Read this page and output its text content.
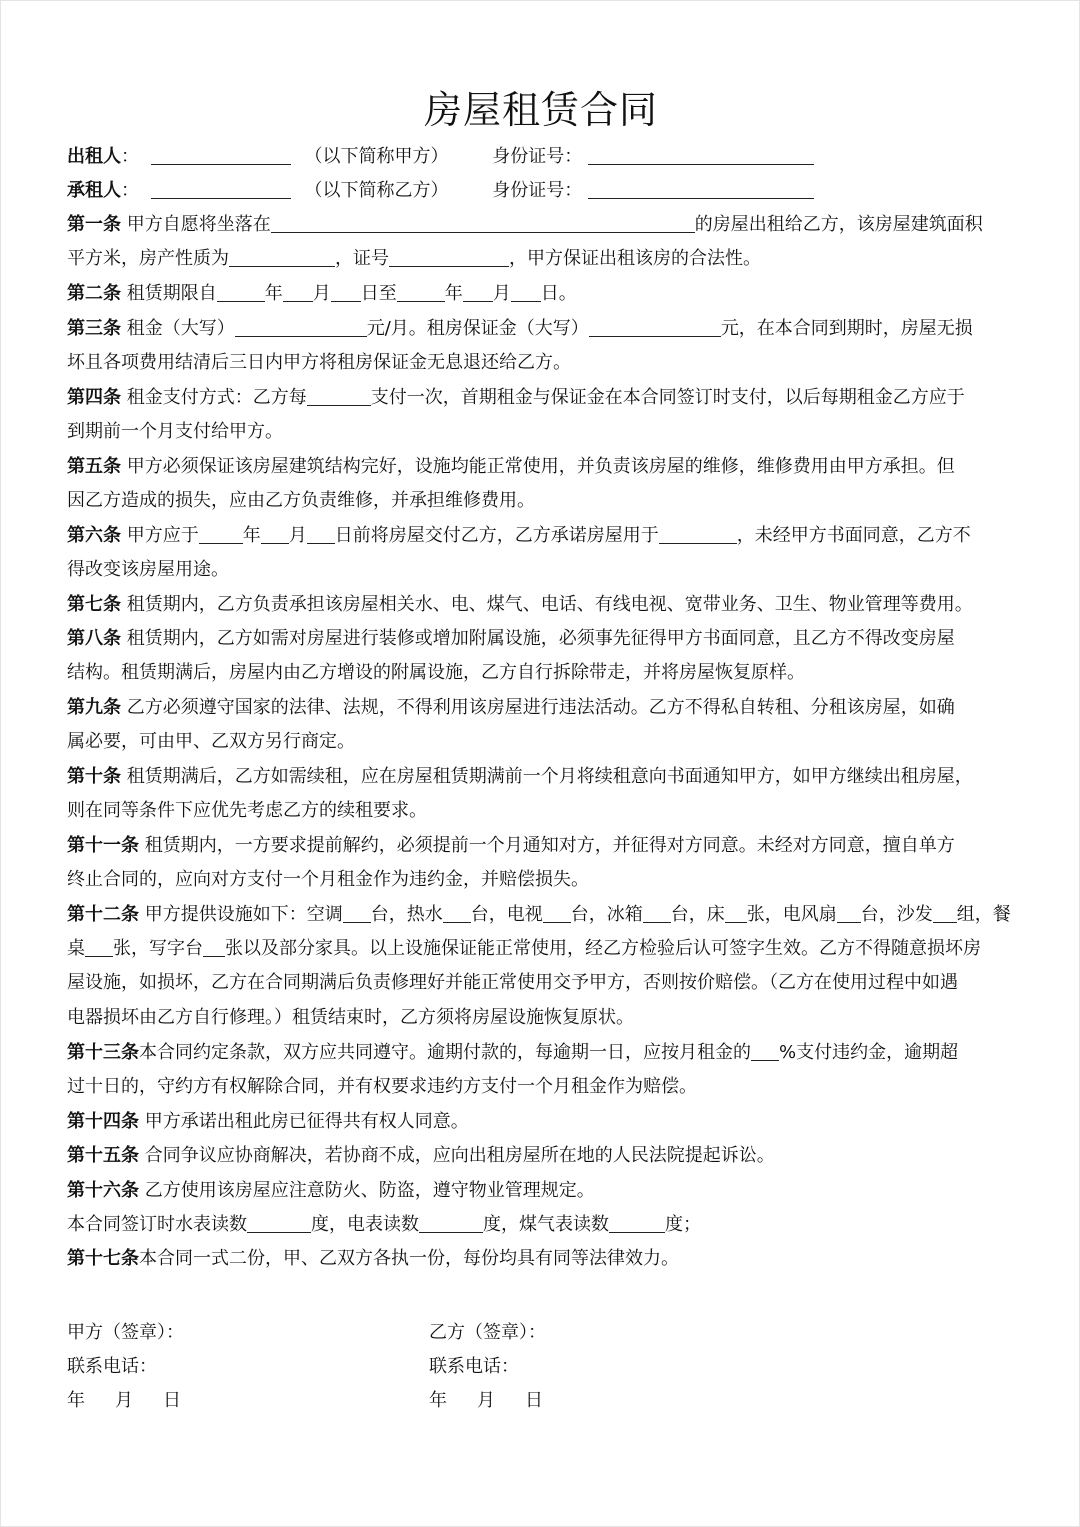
房屋租赁合同
出租人：	（以下简称甲方） 身份证号：
承租人：	（以下简称乙方） 身份证号：
第一条 甲方自愿将坐落在	的房屋出租给乙方，该房屋建筑面积
平方米，房产性质为	，证号	，甲方保证出租该房的合法性。
第二条 租赁期限自	年 月 日至	年 月 日。
第三条 租金（大写）	元/月。租房保证金（大写）	元，在本合同到期时，房屋无损
坏且各项费用结清后三日内甲方将租房保证金无息退还给乙方。
第四条 租金支付方式：乙方每	支付一次，首期租金与保证金在本合同签订时支付，以后每期租金乙方应于
到期前一个月支付给甲方。
第五条 甲方必须保证该房屋建筑结构完好，设施均能正常使用，并负责该房屋的维修，维修费用由甲方承担。但
因乙方造成的损失，应由乙方负责维修，并承担维修费用。
第六条 甲方应于 年 月 日前将房屋交付乙方，乙方承诺房屋用于	，未经甲方书面同意，乙方不
得改变该房屋用途。
第七条 租赁期内，乙方负责承担该房屋相关水、电、煤气、电话、有线电视、宽带业务、卫生、物业管理等费用。
第八条 租赁期内，乙方如需对房屋进行装修或增加附属设施，必须事先征得甲方书面同意，且乙方不得改变房屋
结构。租赁期满后，房屋内由乙方增设的附属设施，乙方自行拆除带走，并将房屋恢复原样。
第九条 乙方必须遵守国家的法律、法规，不得利用该房屋进行违法活动。乙方不得私自转租、分租该房屋，如确
属必要，可由甲、乙双方另行商定。
第十条 租赁期满后，乙方如需续租，应在房屋租赁期满前一个月将续租意向书面通知甲方，如甲方继续出租房屋，
则在同等条件下应优先考虑乙方的续租要求。
第十一条 租赁期内，一方要求提前解约，必须提前一个月通知对方，并征得对方同意。未经对方同意，擅自单方
终止合同的，应向对方支付一个月租金作为违约金，并赔偿损失。
第十二条 甲方提供设施如下：空调 台，热水 台，电视 台，冰箱 台，床 张，电风扇 台，沙发 组，餐
桌 张，写字台 张以及部分家具。以上设施保证能正常使用，经乙方检验后认可签字生效。乙方不得随意损坏房
屋设施，如损坏，乙方在合同期满后负责修理好并能正常使用交予甲方，否则按价赔偿。（乙方在使用过程中如遇
电器损坏由乙方自行修理。）租赁结束时，乙方须将房屋设施恢复原状。
第十三条本合同约定条款，双方应共同遵守。逾期付款的，每逾期一日，应按月租金的 %支付违约金，逾期超
过十日的，守约方有权解除合同，并有权要求违约方支付一个月租金作为赔偿。
第十四条 甲方承诺出租此房已征得共有权人同意。
第十五条 合同争议应协商解决，若协商不成，应向出租房屋所在地的人民法院提起诉讼。
第十六条 乙方使用该房屋应注意防火、防盗，遵守物业管理规定。
本合同签订时水表读数	度，电表读数	度，煤气表读数	度；
第十七条本合同一式二份，甲、乙双方各执一份，每份均具有同等法律效力。
甲方（签章）：	乙方（签章）：
联系电话：	联系电话：
年 月 日	年 月 日
